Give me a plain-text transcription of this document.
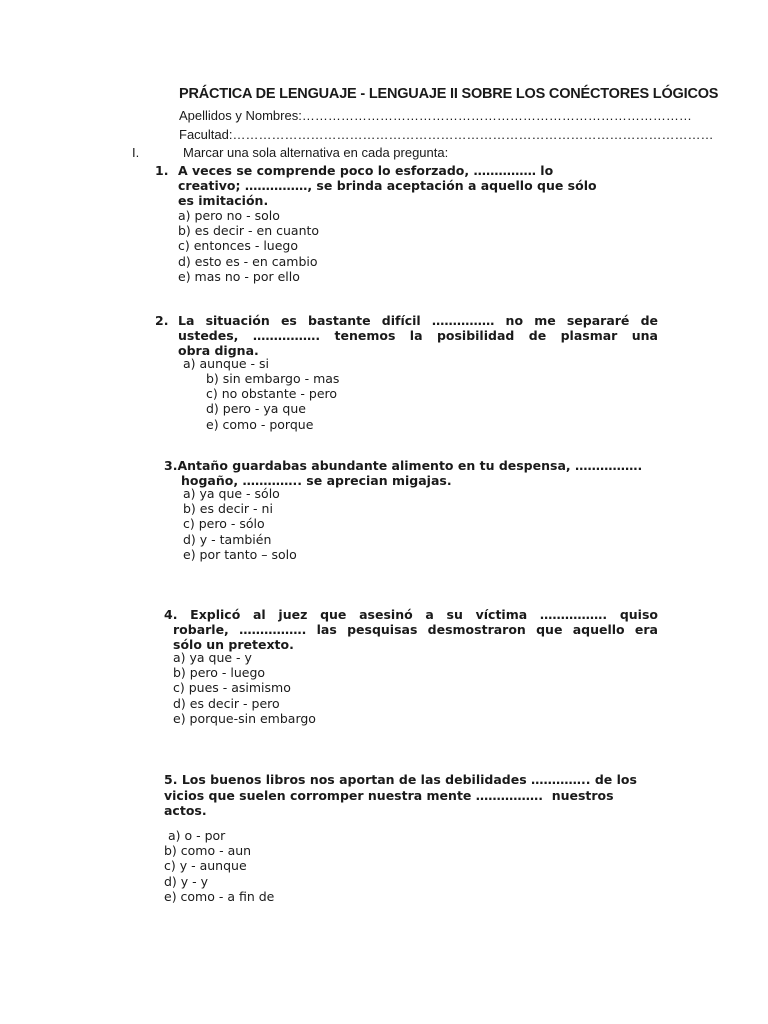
PRÁCTICA DE LENGUAJE - LENGUAJE II SOBRE LOS CONÉCTORES LÓGICOS
Apellidos y Nombres:………………………………………………………………………………
Facultad:…………………………………………………………………………………………………
I.	Marcar una sola alternativa en cada pregunta:
1. A veces se comprende poco lo esforzado, …………… lo
creativo; ……………, se brinda aceptación a aquello que sólo
es imitación.
a) pero no - solo
b) es decir - en cuanto
c) entonces - luego
d) esto es - en cambio
e) mas no - por ello
2. La situación es bastante difícil …………… no me separaré de
ustedes, ……………. tenemos la posibilidad de plasmar una
obra digna.
a) aunque - si
b) sin embargo - mas
c) no obstante - pero
d) pero - ya que
e) como - porque
3.Antaño guardabas abundante alimento en tu despensa, …………….
hogaño, ………….. se aprecian migajas.
a) ya que - sólo
b) es decir - ni
c) pero - sólo
d) y - también
e) por tanto – solo
4. Explicó al juez que asesinó a su víctima ……………. quiso
robarle, ……………. las pesquisas desmostraron que aquello era
sólo un pretexto.
a) ya que - y
b) pero - luego
c) pues - asimismo
d) es decir - pero
e) porque-sin embargo
5. Los buenos libros nos aportan de las debilidades ………….. de los
vicios que suelen corromper nuestra mente …………….  nuestros
actos.
a) o - por
b) como - aun
c) y - aunque
d) y - y
e) como - a fin de
